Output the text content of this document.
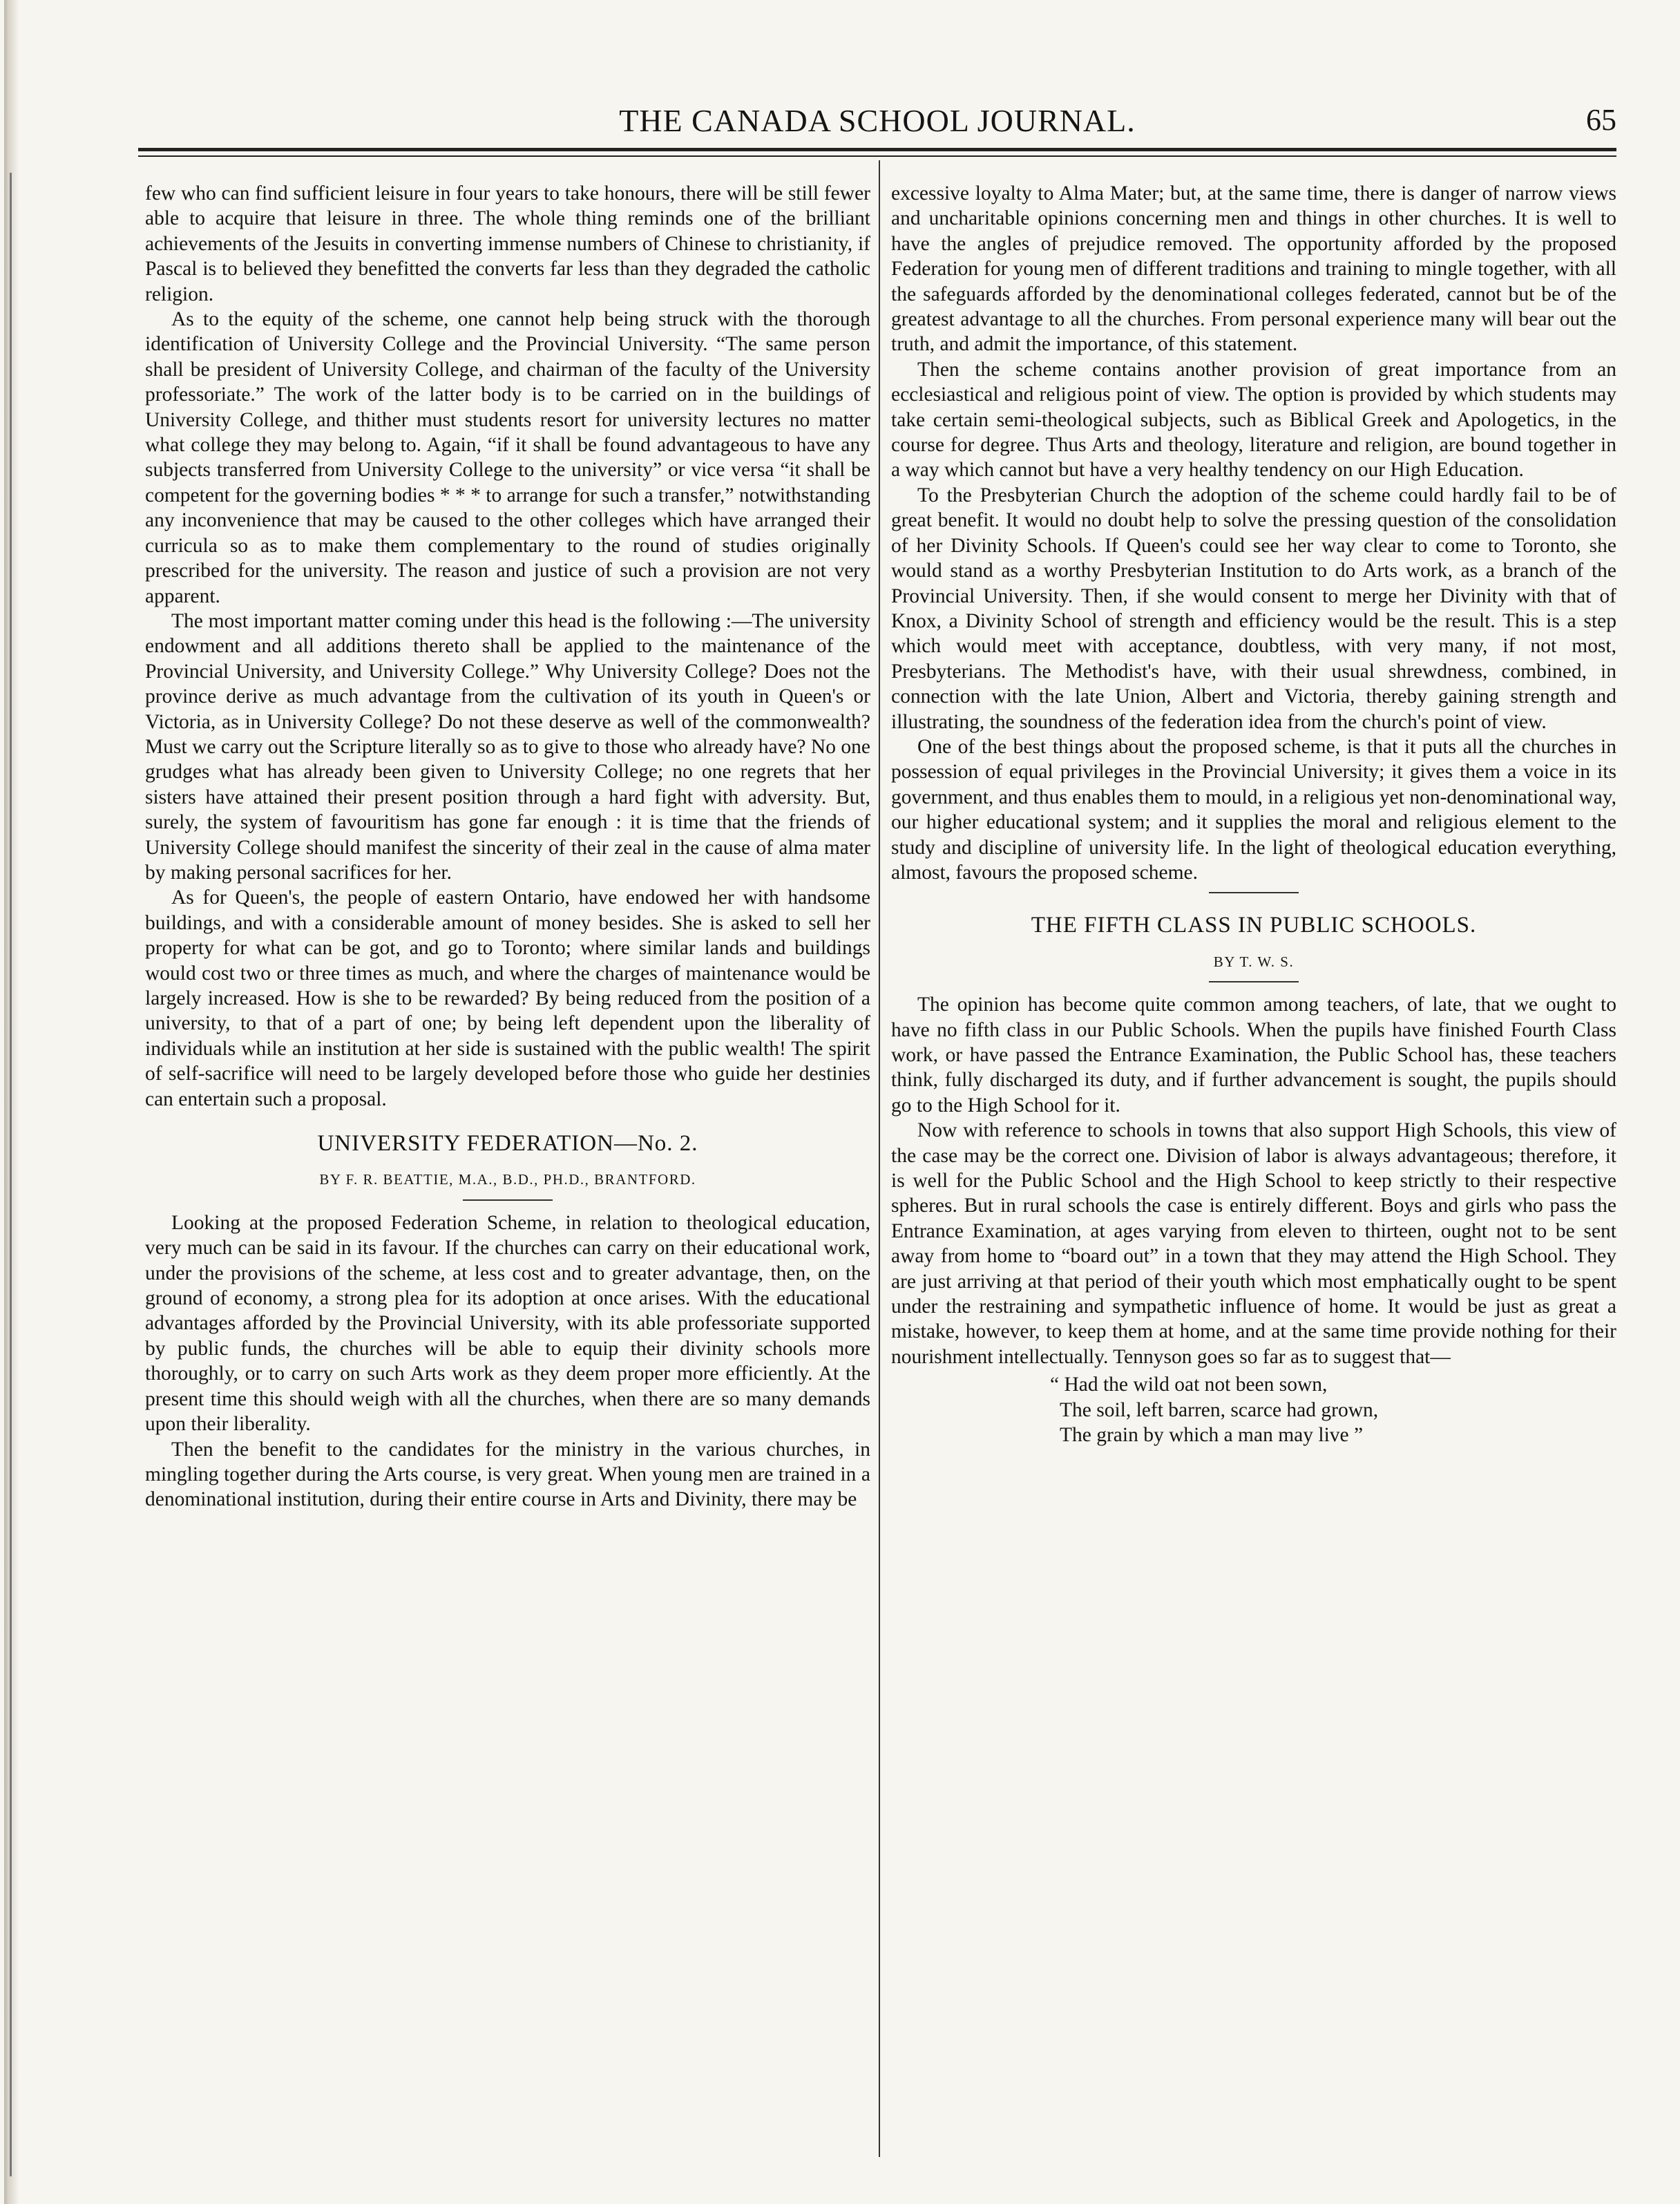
THE CANADA SCHOOL JOURNAL.	65

few who can find sufficient leisure in four years to take honours, there will be still fewer able to acquire that leisure in three. The whole thing reminds one of the brilliant achievements of the Jesuits in converting immense numbers of Chinese to christianity, if Pascal is to believed they benefitted the converts far less than they degraded the catholic religion.

As to the equity of the scheme, one cannot help being struck with the thorough identification of University College and the Provincial University. “The same person shall be president of University College, and chairman of the faculty of the University professoriate.” The work of the latter body is to be carried on in the buildings of University College, and thither must students resort for university lectures no matter what college they may belong to. Again, “if it shall be found advantageous to have any subjects transferred from University College to the university” or vice versa “it shall be competent for the governing bodies * * * to arrange for such a transfer,” notwithstanding any inconvenience that may be caused to the other colleges which have arranged their curricula so as to make them complementary to the round of studies originally prescribed for the university. The reason and justice of such a provision are not very apparent.

The most important matter coming under this head is the following :—The university endowment and all additions thereto shall be applied to the maintenance of the Provincial University, and University College.” Why University College? Does not the province derive as much advantage from the cultivation of its youth in Queen's or Victoria, as in University College? Do not these deserve as well of the commonwealth? Must we carry out the Scripture literally so as to give to those who already have? No one grudges what has already been given to University College; no one regrets that her sisters have attained their present position through a hard fight with adversity. But, surely, the system of favouritism has gone far enough : it is time that the friends of University College should manifest the sincerity of their zeal in the cause of alma mater by making personal sacrifices for her.

As for Queen's, the people of eastern Ontario, have endowed her with handsome buildings, and with a considerable amount of money besides. She is asked to sell her property for what can be got, and go to Toronto; where similar lands and buildings would cost two or three times as much, and where the charges of maintenance would be largely increased. How is she to be rewarded? By being reduced from the position of a university, to that of a part of one; by being left dependent upon the liberality of individuals while an institution at her side is sustained with the public wealth! The spirit of self-sacrifice will need to be largely developed before those who guide her destinies can entertain such a proposal.

UNIVERSITY FEDERATION—No. 2.
BY F. R. BEATTIE, M.A., B.D., PH.D., BRANTFORD.

Looking at the proposed Federation Scheme, in relation to theological education, very much can be said in its favour. If the churches can carry on their educational work, under the provisions of the scheme, at less cost and to greater advantage, then, on the ground of economy, a strong plea for its adoption at once arises. With the educational advantages afforded by the Provincial University, with its able professoriate supported by public funds, the churches will be able to equip their divinity schools more thoroughly, or to carry on such Arts work as they deem proper more efficiently. At the present time this should weigh with all the churches, when there are so many demands upon their liberality.

Then the benefit to the candidates for the ministry in the various churches, in mingling together during the Arts course, is very great. When young men are trained in a denominational institution, during their entire course in Arts and Divinity, there may be

excessive loyalty to Alma Mater; but, at the same time, there is danger of narrow views and uncharitable opinions concerning men and things in other churches. It is well to have the angles of prejudice removed. The opportunity afforded by the proposed Federation for young men of different traditions and training to mingle together, with all the safeguards afforded by the denominational colleges federated, cannot but be of the greatest advantage to all the churches. From personal experience many will bear out the truth, and admit the importance, of this statement.

Then the scheme contains another provision of great importance from an ecclesiastical and religious point of view. The option is provided by which students may take certain semi-theological subjects, such as Biblical Greek and Apologetics, in the course for degree. Thus Arts and theology, literature and religion, are bound together in a way which cannot but have a very healthy tendency on our High Education.

To the Presbyterian Church the adoption of the scheme could hardly fail to be of great benefit. It would no doubt help to solve the pressing question of the consolidation of her Divinity Schools. If Queen's could see her way clear to come to Toronto, she would stand as a worthy Presbyterian Institution to do Arts work, as a branch of the Provincial University. Then, if she would consent to merge her Divinity with that of Knox, a Divinity School of strength and efficiency would be the result. This is a step which would meet with acceptance, doubtless, with very many, if not most, Presbyterians. The Methodist's have, with their usual shrewdness, combined, in connection with the late Union, Albert and Victoria, thereby gaining strength and illustrating, the soundness of the federation idea from the church's point of view.

One of the best things about the proposed scheme, is that it puts all the churches in possession of equal privileges in the Provincial University; it gives them a voice in its government, and thus enables them to mould, in a religious yet non-denominational way, our higher educational system; and it supplies the moral and religious element to the study and discipline of university life. In the light of theological education everything, almost, favours the proposed scheme.

THE FIFTH CLASS IN PUBLIC SCHOOLS.
BY T. W. S.

The opinion has become quite common among teachers, of late, that we ought to have no fifth class in our Public Schools. When the pupils have finished Fourth Class work, or have passed the Entrance Examination, the Public School has, these teachers think, fully discharged its duty, and if further advancement is sought, the pupils should go to the High School for it.

Now with reference to schools in towns that also support High Schools, this view of the case may be the correct one. Division of labor is always advantageous; therefore, it is well for the Public School and the High School to keep strictly to their respective spheres. But in rural schools the case is entirely different. Boys and girls who pass the Entrance Examination, at ages varying from eleven to thirteen, ought not to be sent away from home to “board out” in a town that they may attend the High School. They are just arriving at that period of their youth which most emphatically ought to be spent under the restraining and sympathetic influence of home. It would be just as great a mistake, however, to keep them at home, and at the same time provide nothing for their nourishment intellectually. Tennyson goes so far as to suggest that—

“ Had the wild oat not been sown,
The soil, left barren, scarce had grown,
The grain by which a man may live ”
